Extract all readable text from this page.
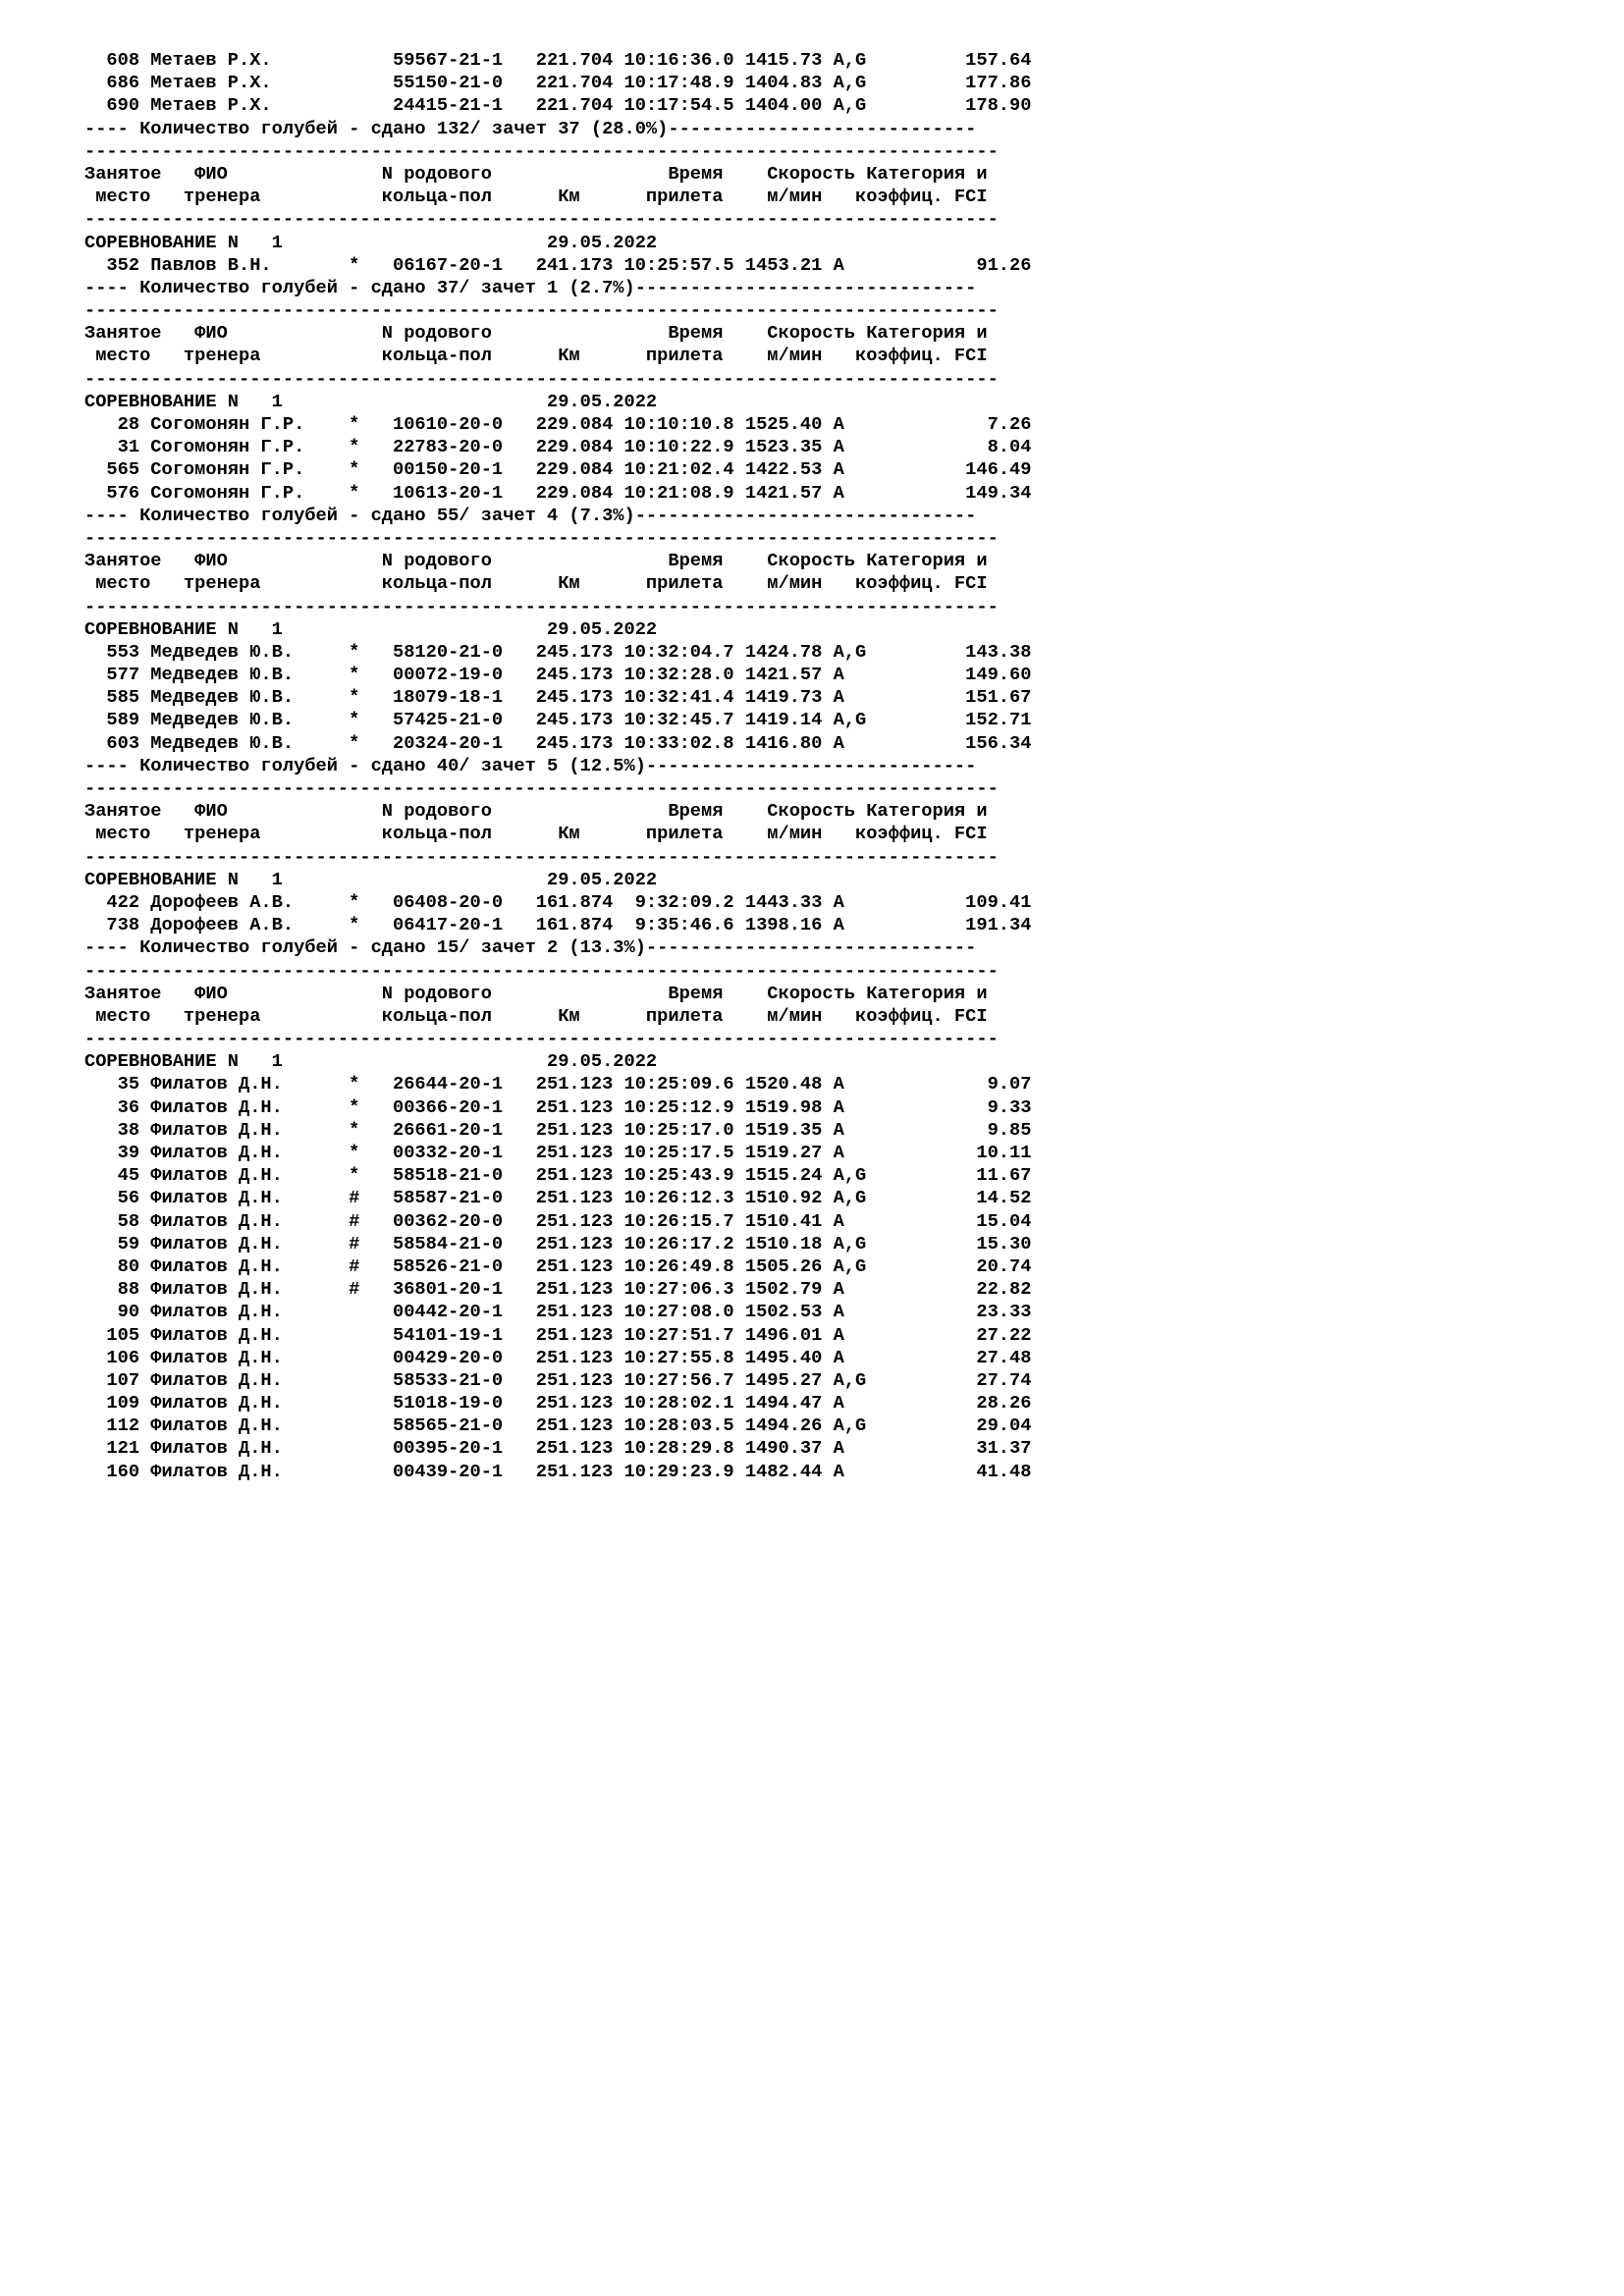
608 Метаев Р.Х.           59567-21-1   221.704 10:16:36.0 1415.73 A,G         157.64
686 Метаев Р.Х.           55150-21-0   221.704 10:17:48.9 1404.83 A,G         177.86
690 Метаев Р.Х.           24415-21-1   221.704 10:17:54.5 1404.00 A,G         178.90
---- Количество голубей - сдано 132/ зачет 37 (28.0%)----------------------------
-----------------------------------------------------------------------------------
Занятое   ФИО              N родового                Время    Скорость Категория и
место   тренера           кольца-пол      Км      прилета    м/мин   коэффиц. FCI
-----------------------------------------------------------------------------------
СОРЕВНОВАНИЕ N   1                        29.05.2022
352 Павлов В.Н.       *   06167-20-1   241.173 10:25:57.5 1453.21 A            91.26
---- Количество голубей - сдано 37/ зачет 1 (2.7%)-------------------------------
-----------------------------------------------------------------------------------
Занятое   ФИО              N родового                Время    Скорость Категория и
место   тренера           кольца-пол      Км      прилета    м/мин   коэффиц. FCI
-----------------------------------------------------------------------------------
СОРЕВНОВАНИЕ N   1                        29.05.2022
28 Согомонян Г.Р.    *   10610-20-0   229.084 10:10:10.8 1525.40 A             7.26
31 Согомонян Г.Р.    *   22783-20-0   229.084 10:10:22.9 1523.35 A             8.04
565 Согомонян Г.Р.    *   00150-20-1   229.084 10:21:02.4 1422.53 A           146.49
576 Согомонян Г.Р.    *   10613-20-1   229.084 10:21:08.9 1421.57 A           149.34
---- Количество голубей - сдано 55/ зачет 4 (7.3%)-------------------------------
-----------------------------------------------------------------------------------
Занятое   ФИО              N родового                Время    Скорость Категория и
место   тренера           кольца-пол      Км      прилета    м/мин   коэффиц. FCI
-----------------------------------------------------------------------------------
СОРЕВНОВАНИЕ N   1                        29.05.2022
553 Медведев Ю.В.     *   58120-21-0   245.173 10:32:04.7 1424.78 A,G         143.38
577 Медведев Ю.В.     *   00072-19-0   245.173 10:32:28.0 1421.57 A           149.60
585 Медведев Ю.В.     *   18079-18-1   245.173 10:32:41.4 1419.73 A           151.67
589 Медведев Ю.В.     *   57425-21-0   245.173 10:32:45.7 1419.14 A,G         152.71
603 Медведев Ю.В.     *   20324-20-1   245.173 10:33:02.8 1416.80 A           156.34
---- Количество голубей - сдано 40/ зачет 5 (12.5%)------------------------------
-----------------------------------------------------------------------------------
Занятое   ФИО              N родового                Время    Скорость Категория и
место   тренера           кольца-пол      Км      прилета    м/мин   коэффиц. FCI
-----------------------------------------------------------------------------------
СОРЕВНОВАНИЕ N   1                        29.05.2022
422 Дорофеев А.В.     *   06408-20-0   161.874  9:32:09.2 1443.33 A           109.41
738 Дорофеев А.В.     *   06417-20-1   161.874  9:35:46.6 1398.16 A           191.34
---- Количество голубей - сдано 15/ зачет 2 (13.3%)------------------------------
-----------------------------------------------------------------------------------
Занятое   ФИО              N родового                Время    Скорость Категория и
место   тренера           кольца-пол      Км      прилета    м/мин   коэффиц. FCI
-----------------------------------------------------------------------------------
СОРЕВНОВАНИЕ N   1                        29.05.2022
35 Филатов Д.Н.      *   26644-20-1   251.123 10:25:09.6 1520.48 A             9.07
36 Филатов Д.Н.      *   00366-20-1   251.123 10:25:12.9 1519.98 A             9.33
38 Филатов Д.Н.      *   26661-20-1   251.123 10:25:17.0 1519.35 A             9.85
39 Филатов Д.Н.      *   00332-20-1   251.123 10:25:17.5 1519.27 A            10.11
45 Филатов Д.Н.      *   58518-21-0   251.123 10:25:43.9 1515.24 A,G          11.67
56 Филатов Д.Н.      #   58587-21-0   251.123 10:26:12.3 1510.92 A,G          14.52
58 Филатов Д.Н.      #   00362-20-0   251.123 10:26:15.7 1510.41 A            15.04
59 Филатов Д.Н.      #   58584-21-0   251.123 10:26:17.2 1510.18 A,G          15.30
80 Филатов Д.Н.      #   58526-21-0   251.123 10:26:49.8 1505.26 A,G          20.74
88 Филатов Д.Н.      #   36801-20-1   251.123 10:27:06.3 1502.79 A            22.82
90 Филатов Д.Н.          00442-20-1   251.123 10:27:08.0 1502.53 A            23.33
105 Филатов Д.Н.          54101-19-1   251.123 10:27:51.7 1496.01 A            27.22
106 Филатов Д.Н.          00429-20-0   251.123 10:27:55.8 1495.40 A            27.48
107 Филатов Д.Н.          58533-21-0   251.123 10:27:56.7 1495.27 A,G          27.74
109 Филатов Д.Н.          51018-19-0   251.123 10:28:02.1 1494.47 A            28.26
112 Филатов Д.Н.          58565-21-0   251.123 10:28:03.5 1494.26 A,G          29.04
121 Филатов Д.Н.          00395-20-1   251.123 10:28:29.8 1490.37 A            31.37
160 Филатов Д.Н.          00439-20-1   251.123 10:29:23.9 1482.44 A            41.48
